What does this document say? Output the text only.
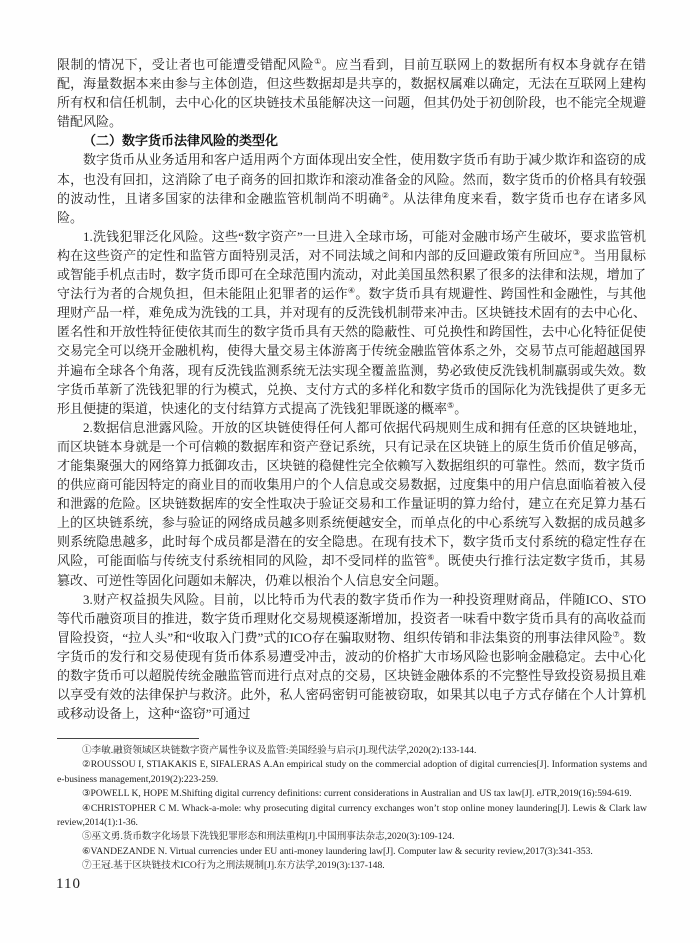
限制的情况下，受让者也可能遭受错配风险①。应当看到，目前互联网上的数据所有权本身就存在错配，海量数据本来由参与主体创造，但这些数据却是共享的，数据权属难以确定，无法在互联网上建构所有权和信任机制，去中心化的区块链技术虽能解决这一问题，但其仍处于初创阶段，也不能完全规避错配风险。

（二）数字货币法律风险的类型化

数字货币从业务适用和客户适用两个方面体现出安全性，使用数字货币有助于减少欺诈和盗窃的成本，也没有回扣，这消除了电子商务的回扣欺诈和滚动准备金的风险。然而，数字货币的价格具有较强的波动性，且诸多国家的法律和金融监管机制尚不明确②。从法律角度来看，数字货币也存在诸多风险。

1.洗钱犯罪泛化风险。这些“数字资产”一旦进入全球市场，可能对金融市场产生破坏，要求监管机构在这些资产的定性和监管方面特别灵活，对不同法域之间和内部的反回避政策有所回应③。当用鼠标或智能手机点击时，数字货币即可在全球范围内流动，对此美国虽然积累了很多的法律和法规，增加了守法行为者的合规负担，但未能阻止犯罪者的运作④。数字货币具有规避性、跨国性和金融性，与其他理财产品一样，难免成为洗钱的工具，并对现有的反洗钱机制带来冲击。区块链技术固有的去中心化、匿名性和开放性特征使依其而生的数字货币具有天然的隐蔽性、可兑换性和跨国性，去中心化特征促使交易完全可以绕开金融机构，使得大量交易主体游离于传统金融监管体系之外，交易节点可能超越国界并遍布全球各个角落，现有反洗钱监测系统无法实现全覆盖监测，势必致使反洗钱机制羸弱或失效。数字货币革新了洗钱犯罪的行为模式，兑换、支付方式的多样化和数字货币的国际化为洗钱提供了更多无形且便捷的渠道，快速化的支付结算方式提高了洗钱犯罪既遂的概率⑤。

2.数据信息泄露风险。开放的区块链使得任何人都可依据代码规则生成和拥有任意的区块链地址，而区块链本身就是一个可信赖的数据库和资产登记系统，只有记录在区块链上的原生货币价值足够高，才能集聚强大的网络算力抵御攻击，区块链的稳健性完全依赖写入数据组织的可靠性。然而，数字货币的供应商可能因特定的商业目的而收集用户的个人信息或交易数据，过度集中的用户信息面临着被入侵和泄露的危险。区块链数据库的安全性取决于验证交易和工作量证明的算力给付，建立在充足算力基石上的区块链系统，参与验证的网络成员越多则系统便越安全，而单点化的中心系统写入数据的成员越多则系统隐患越多，此时每个成员都是潜在的安全隐患。在现有技术下，数字货币支付系统的稳定性存在风险，可能面临与传统支付系统相同的风险，却不受同样的监管⑥。既使央行推行法定数字货币，其易篡改、可逆性等固化问题如未解决，仍难以根治个人信息安全问题。

3.财产权益损失风险。目前，以比特币为代表的数字货币作为一种投资理财商品，伴随ICO、STO等代币融资项目的推进，数字货币理财化交易规模逐渐增加，投资者一味看中数字货币具有的高收益而冒险投资，“拉人头”和“收取入门费”式的ICO存在骗取财物、组织传销和非法集资的刑事法律风险⑦。数字货币的发行和交易使现有货币体系易遭受冲击，波动的价格扩大市场风险也影响金融稳定。去中心化的数字货币可以超脱传统金融监管而进行点对点的交易，区块链金融体系的不完整性导致投资易损且难以享受有效的法律保护与救济。此外，私人密码密钥可能被窃取，如果其以电子方式存储在个人计算机或移动设备上，这种“盗窃”可通过

①李敏.融资领域区块链数字资产属性争议及监管:美国经验与启示[J].现代法学,2020(2):133-144.

②ROUSSOU I, STIAKAKIS E, SIFALERAS A.An empirical study on the commercial adoption of digital currencies[J]. Information systems and e-business management,2019(2):223-259.

③POWELL K, HOPE M.Shifting digital currency definitions: current considerations in Australian and US tax law[J]. eJTR,2019(16):594-619.

④CHRISTOPHER C M. Whack-a-mole: why prosecuting digital currency exchanges won’t stop online money laundering[J]. Lewis & Clark law review,2014(1):1-36.

⑤巫文勇.货币数字化场景下洗钱犯罪形态和刑法重构[J].中国刑事法杂志,2020(3):109-124.

⑥VANDEZANDE N. Virtual currencies under EU anti-money laundering law[J]. Computer law & security review,2017(3):341-353.

⑦王冠.基于区块链技术ICO行为之刑法规制[J].东方法学,2019(3):137-148.

110
